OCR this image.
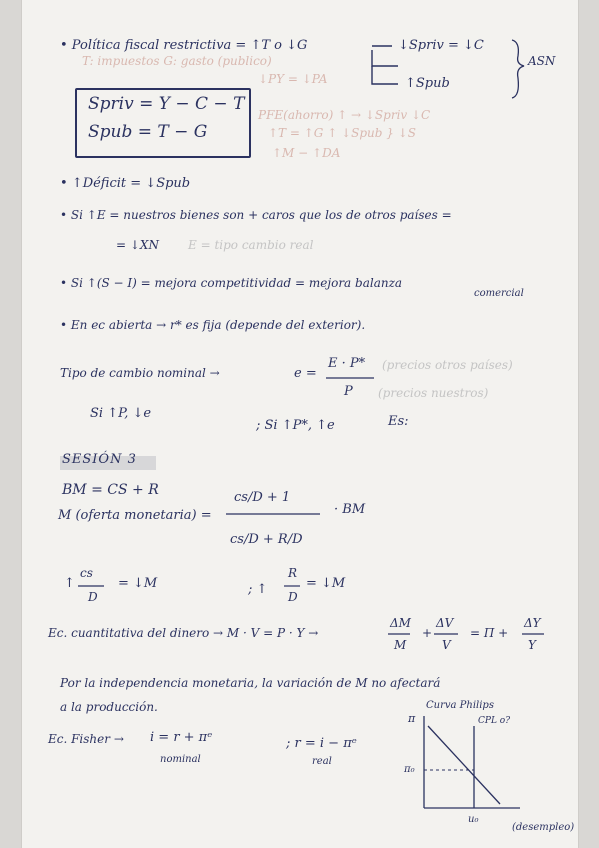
• Política fiscal restrictiva = ↑T o ↓G
T: impuestos G: gasto (publico)
↓PY = ↓PA
↓Spriv = ↓C
↑Spub
ASN
Spriv = Y − C − T
Spub = T − G
PFE(ahorro) ↑ → ↓Spriv ↓C
↑T = ↑G ↑ ↓Spub } ↓S
↑M − ↑DA
• ↑Déficit = ↓Spub
• Si ↑E = nuestros bienes son + caros que los de otros países =
= ↓XN E = tipo cambio real
• Si ↑(S − I) = mejora competitividad = mejora balanza
comercial
• En ec abierta → r* es fija (depende del exterior).
Tipo de cambio nominal →	e =
E · P*
P
(precios otros países)
(precios nuestros)
Si ↑P, ↓e
; Si ↑P*, ↑e	Es:
SESIÓN 3
BM = CS + R
M (oferta monetaria) =
cs/D + 1
cs/D + R/D
· BM
↑
cs
D
= ↓M	; ↑
R
D
= ↓M
Ec. cuantitativa del dinero → M · V = P · Y →
ΔM
M
+
ΔV
V
= Π +
ΔY
Y
Por la independencia monetaria, la variación de M no afectará
a la producción.
Ec. Fisher → i = r + πᵉ	; r = i − πᵉ
nominal	real
Curva Philips
CPL o?
π
π₀
u₀
(desempleo)
